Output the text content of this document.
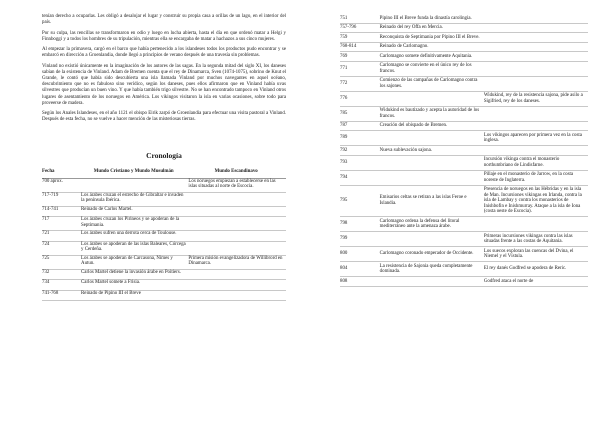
tenían derecho a ocuparlas. Les obligó a desalojar el lugar y construir su propia casa a orillas de un lago, en el interior del país.

Por su culpa, las rencillas se transformaron en odio y luego en lucha abierta, hasta el día en que ordenó matar a Helgi y Finnboggi y a todos los hombres de su tripulación, mientras ella se encargaba de matar a hachazos a sus cinco mujeres.

Al empezar la primavera, cargó en el barco que había pertenecido a los islandeses todos los productos pudo encontrar y se embarcó en dirección a Groenlandia, donde llegó a principios de verano después de una travesía sin problemas.

Vinland no existió únicamente en la imaginación de los autores de las sagas. En la segunda mitad del siglo XI, los daneses sabían de la existencia de Vinland. Adam de Bremen cuenta que el rey de Dinamarca, Sven (1074-1075), sobrino de Knut el Grande, le contó que había sido descubierta una isla llamada Vinland por muchos navegantes en aquel océano, descubrimiento que no es fabuloso sino verídico, según los daneses, pues ellos afirmaron que en Vinland había uvas silvestres que producían un buen vino. Y que había también trigo silvestre. No se han encontrado tampoco en Vinland otros lugares de asentamiento de los noruegos en América. Los vikingos visitaron la isla en varias ocasiones, sobre todo para proveerse de madera.

Según los Anales Islandeses, en el año 1121 el obispo Eirik zarpó de Groenlandia para efectuar una visita pastoral a Vinland. Después de esta fecha, no se vuelve a hacer mención de las misteriosas tierras.

Cronología
Fecha	Mundo Cristiano y Mundo Musulmán	Mundo Escandinavo
700 aprox.		Los noruegos empiezan a establecerse en las islas situadas al norte de Escocia.
717-719	Los árabes cruzan el estrecho de Gibraltar e invaden la península Ibérica.	
714-741	Reinado de Carlos Martel.	
717	Los árabes cruzan los Pirineos y se apoderan de la Septimania.	
721	Los árabes sufren una derrota cerca de Toulouse.	
724	Los árabes se apoderan de las islas Baleares, Córcega y Cerdeña.	
725	Los árabes se apoderan de Carcasona, Nimes y Autun.	Primera misión evangelizadora de Willibrord en Dinamarca.
732	Carlos Martel detiene la invasión árabe en Poitiers.	
734	Carlos Martel somete a Frisia.	
741-768	Reinado de Pipino III el Breve	
751	Pipino III el Breve funda la dinastía carolingia.	
757-796	Reinado del rey Offa en Mercia.	
759	Reconquista de Septimania por Pipino III el Breve.	
768-814	Reinado de Carlomagno.	
769	Carlomagno somete definitivamente Aquitania.	
771	Carlomagno se convierte en el único rey de los francos.	
772	Comienzo de las campañas de Carlomagno contra los sajones.	
776		Widukind, rey de la resistencia sajona, pide asilo a Sigifried, rey de los daneses.
785	Widukind es bautizado y acepta la autoridad de los francos.	
787	Creación del obispado de Bremen.	
789		Los vikingos aparecen por primera vez en la costa inglesa.
792	Nueva sublevación sajona.	
793		Incursión vikinga contra el monasterio northumbriano de Lindisfarne.
794		Pillaje en el monasterio de Jarrow, en la costa noreste de Inglaterra.
795	Emisarios celtas se retiran a las islas Feroe e Islandia.	Presencia de noruegos en las Hébridas y en la isla de Man. Incursiones vikingas en Irlanda, contra la isla de Lambay y contra los monasterios de Inishbofin e Inishmurray. Ataque a la isla de Iona (costa oeste de Escocia).
798	Carlomagno ordena la defensa del litoral mediterráneo ante la amenaza árabe.	
799		Primeras incursiones vikingas contra las islas situadas frente a las costas de Aquitania.
800	Carlomagno coronado emperador de Occidente.	Los suecos exploran las cuencas del Dvina, el Niemel y el Vístula.
804	La resistencia de Sajonia queda completamente dominada.	El rey danés Godfred se apodera de Reric.
808		Godfred ataca el norte de
